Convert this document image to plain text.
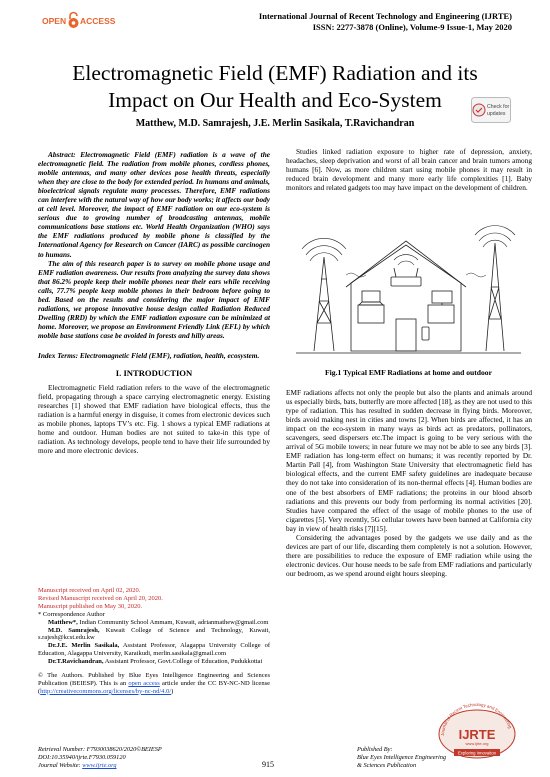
OPEN ACCESS	International Journal of Recent Technology and Engineering (IJRTE)
ISSN: 2277-3878 (Online), Volume-9 Issue-1, May 2020
Electromagnetic Field (EMF) Radiation and its
Impact on Our Health and Eco-System	Check for
updates
Matthew, M.D. Samrajesh, J.E. Merlin Sasikala, T.Ravichandran

Abstract: Electromagnetic Field (EMF) radiation is a wave of the electromagnetic field. The radiation from mobile phones, cordless phones, mobile antennas, and many other devices pose health threats, especially when they are close to the body for extended period. In humans and animals, bioelectrical signals regulate many processes. Therefore, EMF radiations can interfere with the natural way of how our body works; it affects our body at cell level. Moreover, the impact of EMF radiation on our eco-system is serious due to growing number of broadcasting antennas, mobile communications base stations etc. World Health Organization (WHO) says the EMF radiations produced by mobile phone is classified by the International Agency for Research on Cancer (IARC) as possible carcinogen to humans.

The aim of this research paper is to survey on mobile phone usage and EMF radiation awareness. Our results from analyzing the survey data shows that 86.2% people keep their mobile phones near their ears while receiving calls, 77.7% people keep mobile phones in their bedroom before going to bed. Based on the results and considering the major impact of EMF radiations, we propose innovative house design called Radiation Reduced Dwelling (RRD) by which the EMF radiation exposure can be minimized at home. Moreover, we propose an Environment Friendly Link (EFL) by which mobile base stations case be avoided in forests and hilly areas.

Index Terms: Electromagnetic Field (EMF), radiation, health, ecosystem.

I. INTRODUCTION

Electromagnetic Field radiation refers to the wave of the electromagnetic field, propagating through a space carrying electromagnetic energy. Existing researches [1] showed that EMF radiation have biological effects, thus the radiation is a harmful energy in disguise, it comes from electronic devices such as mobile phones, laptops TV’s etc. Fig. 1 shows a typical EMF radiations at home and outdoor. Human bodies are not suited to take-in this type of radiation. As technology develops, people tend to have their life surrounded by more and more electronic devices.

Manuscript received on April 02, 2020.

Revised Manuscript received on April 20, 2020.

Manuscript published on May 30, 2020.

* Correspondence Author

Matthew*, Indian Community School Ammam, Kuwait, adrianmathew@gmail.com

M.D. Samrajesh, Kuwait College of Science and Technology, Kuwait, s.rajesh@kcst.edu.kw

Dr.J.E. Merlin Sasikala, Assistant Professor, Alagappa University College of Education, Alagappa University, Karaikudi, merlin.sasikala@gmail.com

Dr.T.Ravichandran, Assistant Professor, Govt.College of Education, Pudukkottai

© The Authors. Published by Blue Eyes Intelligence Engineering and Sciences Publication (BEIESP). This is an open access article under the CC BY-NC-ND license (http://creativecommons.org/licenses/by-nc-nd/4.0/)

Studies linked radiation exposure to higher rate of depression, anxiety, headaches, sleep deprivation and worst of all brain cancer and brain tumors among humans [6]. Now, as more children start using mobile phones it may result in reduced brain development and many more early life complexities [1]. Baby monitors and related gadgets too may have impact on the development of children.

Fig.1 Typical EMF Radiations at home and outdoor

EMF radiations affects not only the people but also the plants and animals around us especially birds, bats, butterfly are more affected [18], as they are not used to this type of radiation. This has resulted in sudden decrease in flying birds. Moreover, birds avoid making nest in cities and towns [2]. When birds are affected, it has an impact on the eco-system in many ways as birds act as predators, pollinators, scavengers, seed dispersers etc.The impact is going to be very serious with the arrival of 5G mobile towers; in near future we may not be able to see any birds [3]. EMF radiation has long-term effect on humans; it was recently reported by Dr. Martin Pall [4], from Washington State University that electromagnetic field has biological effects, and the current EMF safety guidelines are inadequate because they do not take into consideration of its non-thermal effects [4]. Human bodies are one of the best absorbers of EMF radiations; the proteins in our blood absorb radiations and this prevents our body from performing its normal activities [20]. Studies have compared the effect of the usage of mobile phones to the use of cigarettes [5]. Very recently, 5G cellular towers have been banned at California city bay in view of health risks [7][15].

Considering the advantages posed by the gadgets we use daily and as the devices are part of our life, discarding them completely is not a solution. However, there are possibilities to reduce the exposure of EMF radiation while using the electronic devices. Our house needs to be safe from EMF radiations and particularly our bedroom, as we spend around eight hours sleeping.

Journal of Recent Technology and Engineering
IJRTE
www.ijrte.org
Exploring Innovation
Retrieval Number: F7930038620/2020©BEIESP
DOI:10.35940/ijrte.F7930.059120
Journal Website: www.ijrte.org	915
Published By:
Blue Eyes Intelligence Engineering
& Sciences Publication
